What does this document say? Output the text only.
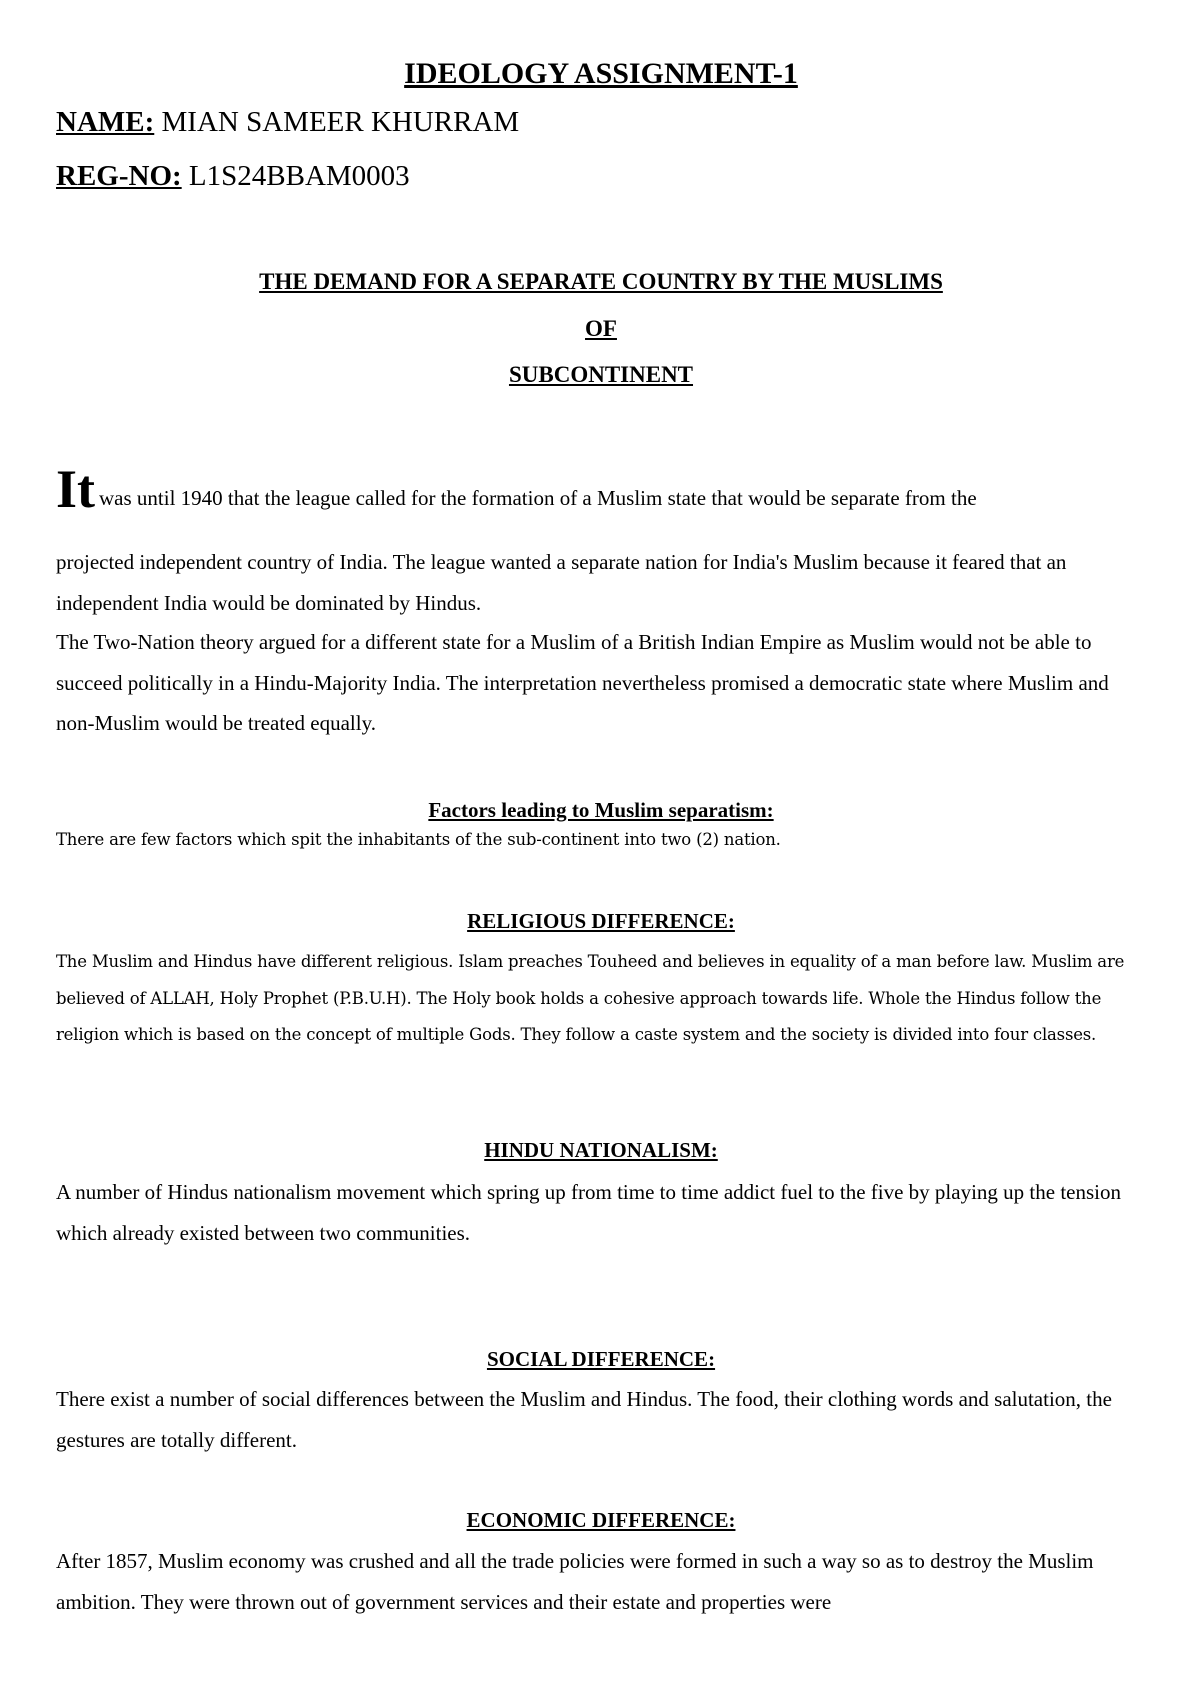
IDEOLOGY ASSIGNMENT-1
NAME: MIAN SAMEER KHURRAM
REG-NO: L1S24BBAM0003
THE DEMAND FOR A SEPARATE COUNTRY BY THE MUSLIMS
OF
SUBCONTINENT
It was until 1940 that the league called for the formation of a Muslim state that would be separate from the
projected independent country of India. The league wanted a separate nation for India's Muslim because it feared that an independent India would be dominated by Hindus.
The Two-Nation theory argued for a different state for a Muslim of a British Indian Empire as Muslim would not be able to succeed politically in a Hindu-Majority India. The interpretation nevertheless promised a democratic state where Muslim and non-Muslim would be treated equally.
Factors leading to Muslim separatism:
There are few factors which spit the inhabitants of the sub-continent into two (2) nation.
RELIGIOUS DIFFERENCE:
The Muslim and Hindus have different religious. Islam preaches Touheed and believes in equality of a man before law. Muslim are believed of ALLAH, Holy Prophet (P.B.U.H). The Holy book holds a cohesive approach towards life. Whole the Hindus follow the religion which is based on the concept of multiple Gods. They follow a caste system and the society is divided into four classes.
HINDU NATIONALISM:
A number of Hindus nationalism movement which spring up from time to time addict fuel to the five by playing up the tension which already existed between two communities.
SOCIAL DIFFERENCE:
There exist a number of social differences between the Muslim and Hindus. The food, their clothing words and salutation, the gestures are totally different.
ECONOMIC DIFFERENCE:
After 1857, Muslim economy was crushed and all the trade policies were formed in such a way so as to destroy the Muslim ambition. They were thrown out of government services and their estate and properties were
